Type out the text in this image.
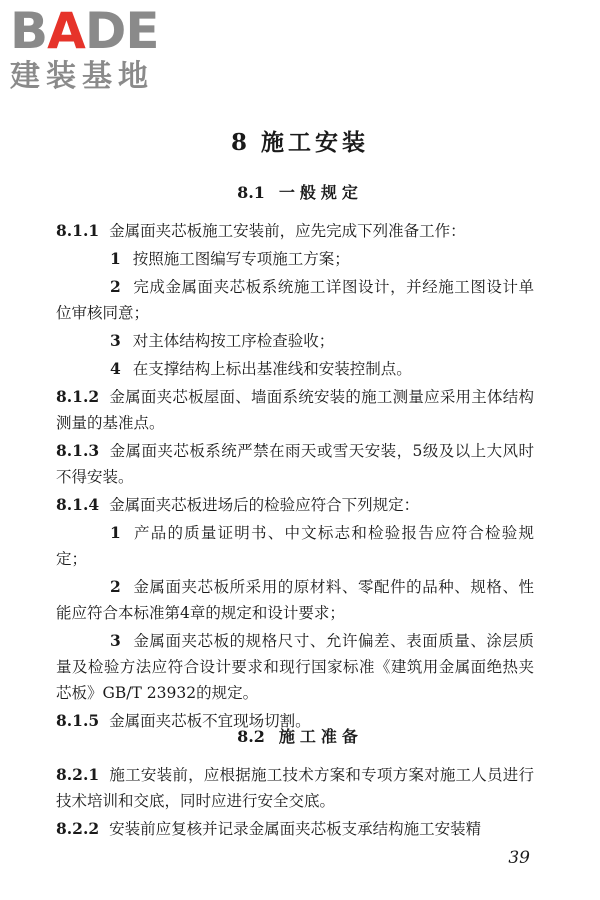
BADE
建装基地
8 施工安装
8.1 一般规定

8.1.1 金属面夹芯板施工安装前，应先完成下列准备工作：

1 按照施工图编写专项施工方案；

2 完成金属面夹芯板系统施工详图设计，并经施工图设计单位审核同意；

3 对主体结构按工序检查验收；

4 在支撑结构上标出基准线和安装控制点。

8.1.2 金属面夹芯板屋面、墙面系统安装的施工测量应采用主体结构测量的基准点。

8.1.3 金属面夹芯板系统严禁在雨天或雪天安装，5级及以上大风时不得安装。

8.1.4 金属面夹芯板进场后的检验应符合下列规定：

1 产品的质量证明书、中文标志和检验报告应符合检验规定；

2 金属面夹芯板所采用的原材料、零配件的品种、规格、性能应符合本标准第4章的规定和设计要求；

3 金属面夹芯板的规格尺寸、允许偏差、表面质量、涂层质量及检验方法应符合设计要求和现行国家标准《建筑用金属面绝热夹芯板》GB/T 23932的规定。

8.1.5 金属面夹芯板不宜现场切割。

8.2 施工准备

8.2.1 施工安装前，应根据施工技术方案和专项方案对施工人员进行技术培训和交底，同时应进行安全交底。

8.2.2 安装前应复核并记录金属面夹芯板支承结构施工安装精

39
